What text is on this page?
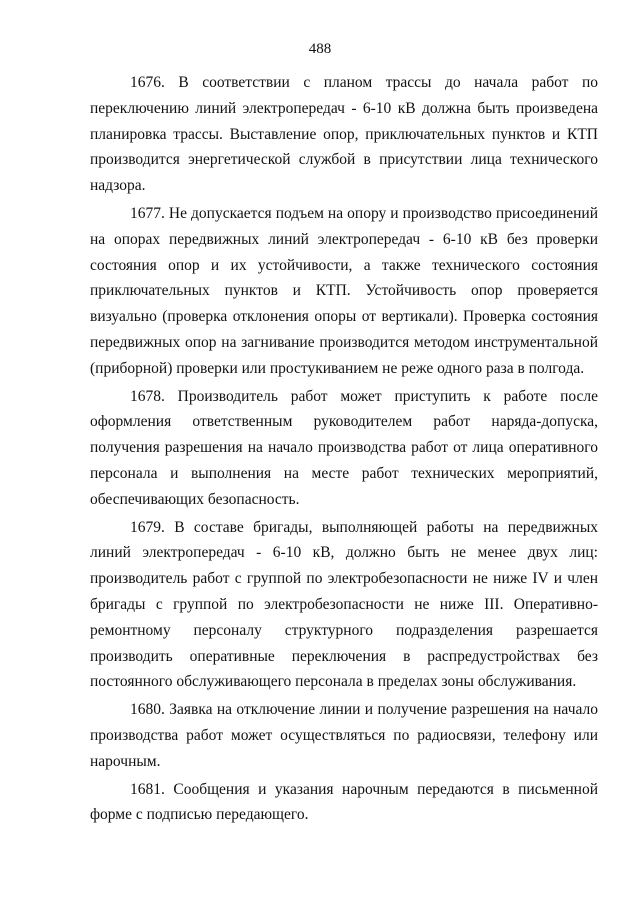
488

1676. В соответствии с планом трассы до начала работ по переключению линий электропередач - 6-10 кВ должна быть произведена планировка трассы. Выставление опор, приключательных пунктов и КТП производится энергетической службой в присутствии лица технического надзора.

1677. Не допускается подъем на опору и производство присоединений на опорах передвижных линий электропередач - 6-10 кВ без проверки состояния опор и их устойчивости, а также технического состояния приключательных пунктов и КТП. Устойчивость опор проверяется визуально (проверка отклонения опоры от вертикали). Проверка состояния передвижных опор на загнивание производится методом инструментальной (приборной) проверки или простукиванием не реже одного раза в полгода.

1678. Производитель работ может приступить к работе после оформления ответственным руководителем работ наряда-допуска, получения разрешения на начало производства работ от лица оперативного персонала и выполнения на месте работ технических мероприятий, обеспечивающих безопасность.

1679. В составе бригады, выполняющей работы на передвижных линий электропередач - 6-10 кВ, должно быть не менее двух лиц: производитель работ с группой по электробезопасности не ниже IV и член бригады с группой по электробезопасности не ниже III. Оперативно-ремонтному персоналу структурного подразделения разрешается производить оперативные переключения в распредустройствах без постоянного обслуживающего персонала в пределах зоны обслуживания.

1680. Заявка на отключение линии и получение разрешения на начало производства работ может осуществляться по радиосвязи, телефону или нарочным.

1681. Сообщения и указания нарочным передаются в письменной форме с подписью передающего.
